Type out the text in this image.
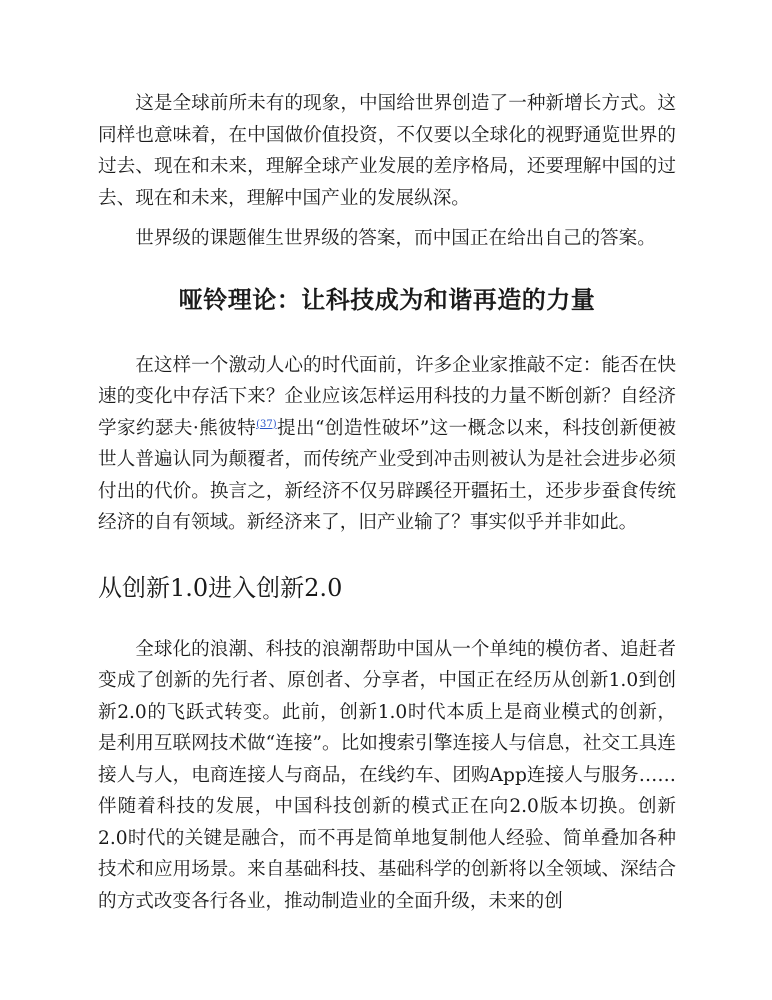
这是全球前所未有的现象，中国给世界创造了一种新增长方式。这同样也意味着，在中国做价值投资，不仅要以全球化的视野通览世界的过去、现在和未来，理解全球产业发展的差序格局，还要理解中国的过去、现在和未来，理解中国产业的发展纵深。

世界级的课题催生世界级的答案，而中国正在给出自己的答案。

哑铃理论：让科技成为和谐再造的力量

在这样一个激动人心的时代面前，许多企业家推敲不定：能否在快速的变化中存活下来？企业应该怎样运用科技的力量不断创新？自经济学家约瑟夫·熊彼特$^{(37)}$提出“创造性破坏”这一概念以来，科技创新便被世人普遍认同为颠覆者，而传统产业受到冲击则被认为是社会进步必须付出的代价。换言之，新经济不仅另辟蹊径开疆拓土，还步步蚕食传统经济的自有领域。新经济来了，旧产业输了？事实似乎并非如此。

从创新1.0进入创新2.0

全球化的浪潮、科技的浪潮帮助中国从一个单纯的模仿者、追赶者变成了创新的先行者、原创者、分享者，中国正在经历从创新1.0到创新2.0的飞跃式转变。此前，创新1.0时代本质上是商业模式的创新，是利用互联网技术做“连接”。比如搜索引擎连接人与信息，社交工具连接人与人，电商连接人与商品，在线约车、团购App连接人与服务……伴随着科技的发展，中国科技创新的模式正在向2.0版本切换。创新2.0时代的关键是融合，而不再是简单地复制他人经验、简单叠加各种技术和应用场景。来自基础科技、基础科学的创新将以全领域、深结合的方式改变各行各业，推动制造业的全面升级，未来的创
